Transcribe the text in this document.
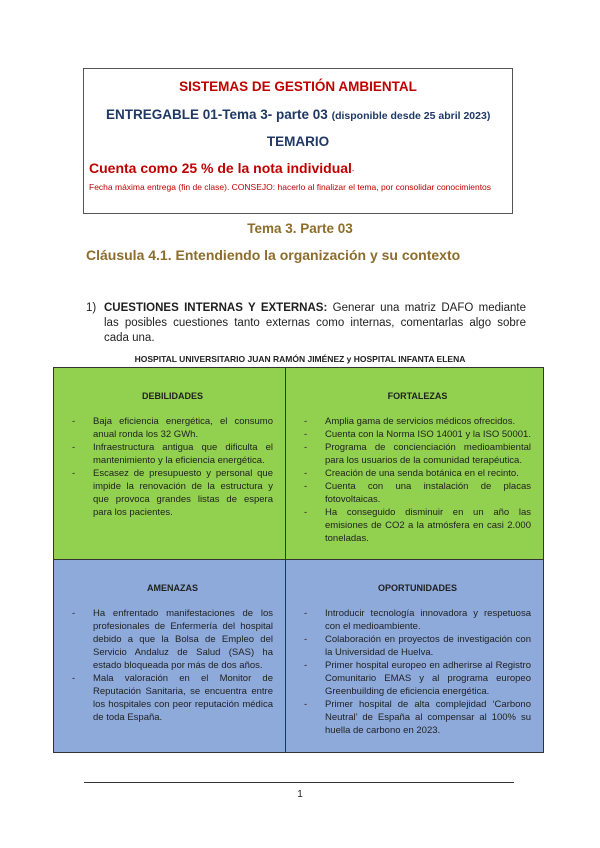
SISTEMAS DE GESTIÓN AMBIENTAL
ENTREGABLE 01-Tema 3- parte 03 (disponible desde 25 abril 2023)
TEMARIO
Cuenta como 25 % de la nota individual-
Fecha máxima entrega (fin de clase). CONSEJO: hacerlo al finalizar el tema, por consolidar conocimientos
Tema 3. Parte 03
Cláusula 4.1. Entendiendo la organización y su contexto
1) CUESTIONES INTERNAS Y EXTERNAS: Generar una matriz DAFO mediante las posibles cuestiones tanto externas como internas, comentarlas algo sobre cada una.
HOSPITAL UNIVERSITARIO JUAN RAMÓN JIMÉNEZ y HOSPITAL INFANTA ELENA
DEBILIDADES
- Baja eficiencia energética, el consumo anual ronda los 32 GWh.
- Infraestructura antigua que dificulta el mantenimiento y la eficiencia energética.
- Escasez de presupuesto y personal que impide la renovación de la estructura y que provoca grandes listas de espera para los pacientes.
FORTALEZAS
- Amplia gama de servicios médicos ofrecidos.
- Cuenta con la Norma ISO 14001 y la ISO 50001.
- Programa de concienciación medioambiental para los usuarios de la comunidad terapéutica.
- Creación de una senda botánica en el recinto.
- Cuenta con una instalación de placas fotovoltaicas.
- Ha conseguido disminuir en un año las emisiones de CO2 a la atmósfera en casi 2.000 toneladas.
AMENAZAS
- Ha enfrentado manifestaciones de los profesionales de Enfermería del hospital debido a que la Bolsa de Empleo del Servicio Andaluz de Salud (SAS) ha estado bloqueada por más de dos años.
- Mala valoración en el Monitor de Reputación Sanitaria, se encuentra entre los hospitales con peor reputación médica de toda España.
OPORTUNIDADES
- Introducir tecnología innovadora y respetuosa con el medioambiente.
- Colaboración en proyectos de investigación con la Universidad de Huelva.
- Primer hospital europeo en adherirse al Registro Comunitario EMAS y al programa europeo Greenbuilding de eficiencia energética.
- Primer hospital de alta complejidad ‘Carbono Neutral’ de España al compensar al 100% su huella de carbono en 2023.
1
